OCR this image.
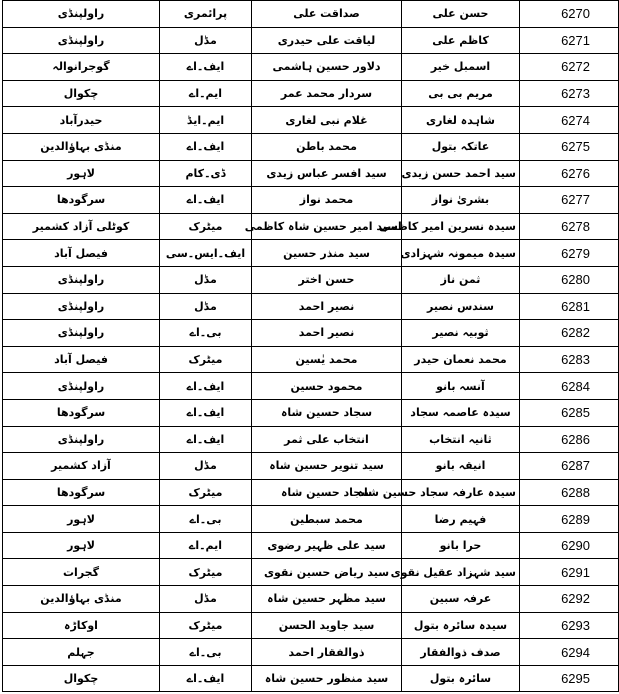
6270	حسن علی	صداقت علی	پرائمری	راولپنڈی	
6271	کاظم علی	لیاقت علی حیدری	مڈل	راولپنڈی	
6272	اسمبل خیر	دلاور حسین ہاشمی	ایف۔اے	گوجرانوالہ	
6273	مریم بی بی	سردار محمد عمر	ایم۔اے	چکوال	
6274	شاہدہ لغاری	غلام نبی لغاری	ایم۔ایڈ	حیدرآباد	
6275	عاتکہ بتول	محمد باطن	ایف۔اے	منڈی بہاؤالدین	
6276	سید احمد حسن زیدی	سید افسر عباس زیدی	ڈی۔کام	لاہور	
6277	بشریٰ نواز	محمد نواز	ایف۔اے	سرگودھا	
6278	سیدہ نسرین امیر کاظمی	سید امیر حسین شاہ کاظمی	میٹرک	کوٹلی آزاد کشمیر	
6279	سیدہ میمونہ شہزادی	سید منذر حسین	ایف۔ایس۔سی	فیصل آباد	
6280	ثمن ناز	حسن اختر	مڈل	راولپنڈی	
6281	سندس نصیر	نصیر احمد	مڈل	راولپنڈی	
6282	ثوبیہ نصیر	نصیر احمد	بی۔اے	راولپنڈی	
6283	محمد نعمان حیدر	محمد یٰسین	میٹرک	فیصل آباد	
6284	آنسہ بانو	محمود حسین	ایف۔اے	راولپنڈی	
6285	سیدہ عاصمہ سجاد	سجاد حسین شاہ	ایف۔اے	سرگودھا	
6286	ثانیہ انتخاب	انتخاب علی ثمر	ایف۔اے	راولپنڈی	
6287	انیقہ بانو	سید تنویر حسین شاہ	مڈل	آزاد کشمیر	
6288	سیدہ عارفہ سجاد حسین شاہ	سجاد حسین شاہ	میٹرک	سرگودھا	
6289	فہیم رضا	محمد سبطین	بی۔اے	لاہور	
6290	حرا بانو	سید علی ظہیر رضوی	ایم۔اے	لاہور	
6291	سید شہزاد عقیل نقوی	سید ریاض حسین نقوی	میٹرک	گجرات	
6292	عرفہ سبین	سید مظہر حسین شاہ	مڈل	منڈی بہاؤالدین	
6293	سیدہ سائرہ بتول	سید جاوید الحسن	میٹرک	اوکاڑہ	
6294	صدف ذوالفقار	ذوالفقار احمد	بی۔اے	جہلم	
6295	سائرہ بتول	سید منظور حسین شاہ	ایف۔اے	چکوال	
